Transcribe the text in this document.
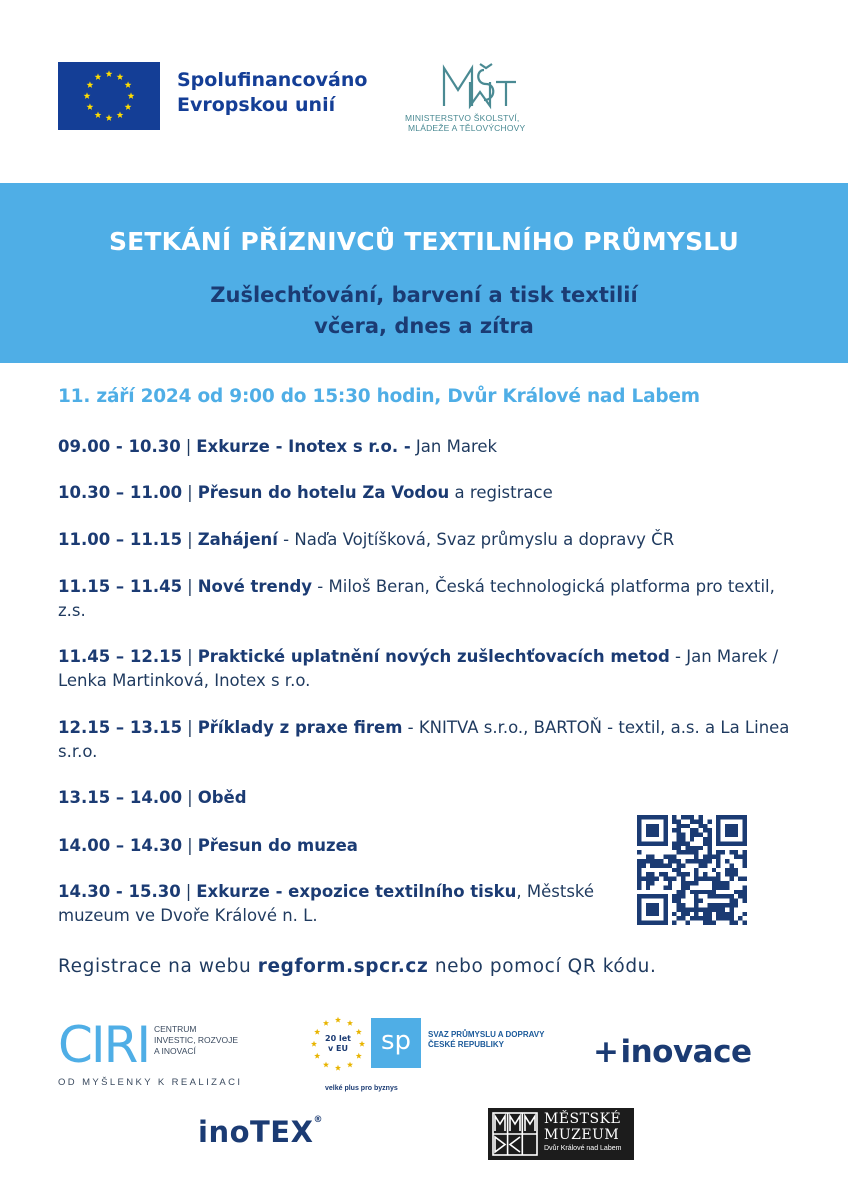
Spolufinancováno
Evropskou unií
MINISTERSTVO ŠKOLSTVÍ,
MLÁDEŽE A TĚLOVÝCHOVY
SETKÁNÍ PŘÍZNIVCŮ TEXTILNÍHO PRŮMYSLU
Zušlechťování, barvení a tisk textilií
včera, dnes a zítra
11. září 2024 od 9:00 do 15:30 hodin, Dvůr Králové nad Labem
09.00 - 10.30 | Exkurze - Inotex s r.o. - Jan Marek
10.30 – 11.00 | Přesun do hotelu Za Vodou a registrace
11.00 – 11.15 | Zahájení - Naďa Vojtíšková, Svaz průmyslu a dopravy ČR
11.15 – 11.45 | Nové trendy - Miloš Beran, Česká technologická platforma pro textil, z.s.
11.45 – 12.15 | Praktické uplatnění nových zušlechťovacích metod - Jan Marek / Lenka Martinková, Inotex s r.o.
12.15 – 13.15 | Příklady z praxe firem - KNITVA s.r.o., BARTOŇ - textil, a.s. a La Linea s.r.o.
13.15 – 14.00 | Oběd
14.00 – 14.30 | Přesun do muzea
14.30 - 15.30 | Exkurze - expozice textilního tisku, Městské muzeum ve Dvoře Králové n. L.
Registrace na webu regform.spcr.cz nebo pomocí QR kódu.
CIRI CENTRUM
INVESTIC, ROZVOJE
A INOVACÍ
OD MYŠLENKY K REALIZACI
20 let
v EU	sp	SVAZ PRŮMYSLU A DOPRAVY
ČESKÉ REPUBLIKY
velké plus pro byznys
+inovace
inoTEX®	MĚSTSKÉ
MUZEUM
Dvůr Králové nad Labem
